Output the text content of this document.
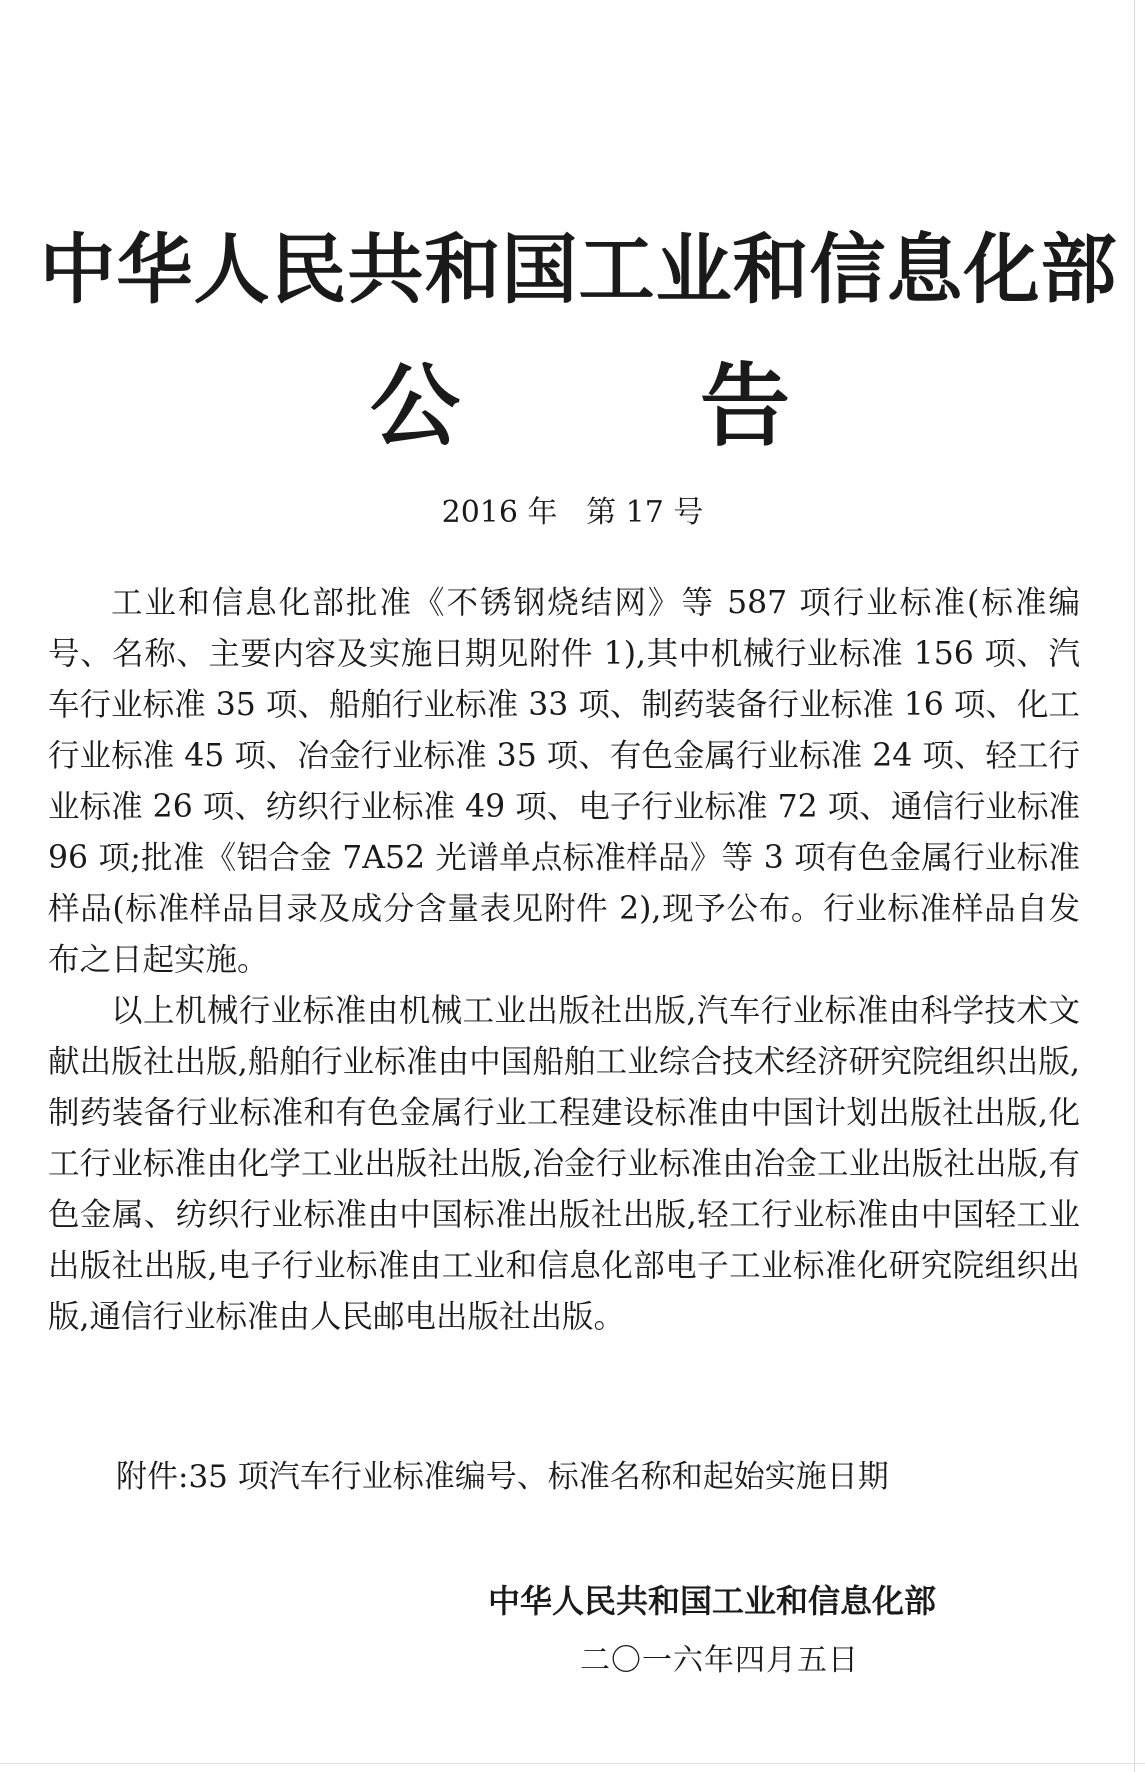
中华人民共和国工业和信息化部
公	告
2016 年   第 17 号

工业和信息化部批准《不锈钢烧结网》等 587 项行业标准(标准编号、名称、主要内容及实施日期见附件 1),其中机械行业标准 156 项、汽车行业标准 35 项、船舶行业标准 33 项、制药装备行业标准 16 项、化工行业标准 45 项、冶金行业标准 35 项、有色金属行业标准 24 项、轻工行业标准 26 项、纺织行业标准 49 项、电子行业标准 72 项、通信行业标准 96 项;批准《铝合金 7A52 光谱单点标准样品》等 3 项有色金属行业标准样品(标准样品目录及成分含量表见附件 2),现予公布。行业标准样品自发布之日起实施。

以上机械行业标准由机械工业出版社出版,汽车行业标准由科学技术文献出版社出版,船舶行业标准由中国船舶工业综合技术经济研究院组织出版,制药装备行业标准和有色金属行业工程建设标准由中国计划出版社出版,化工行业标准由化学工业出版社出版,冶金行业标准由冶金工业出版社出版,有色金属、纺织行业标准由中国标准出版社出版,轻工行业标准由中国轻工业出版社出版,电子行业标准由工业和信息化部电子工业标准化研究院组织出版,通信行业标准由人民邮电出版社出版。

附件:35 项汽车行业标准编号、标准名称和起始实施日期
中华人民共和国工业和信息化部
二〇一六年四月五日
